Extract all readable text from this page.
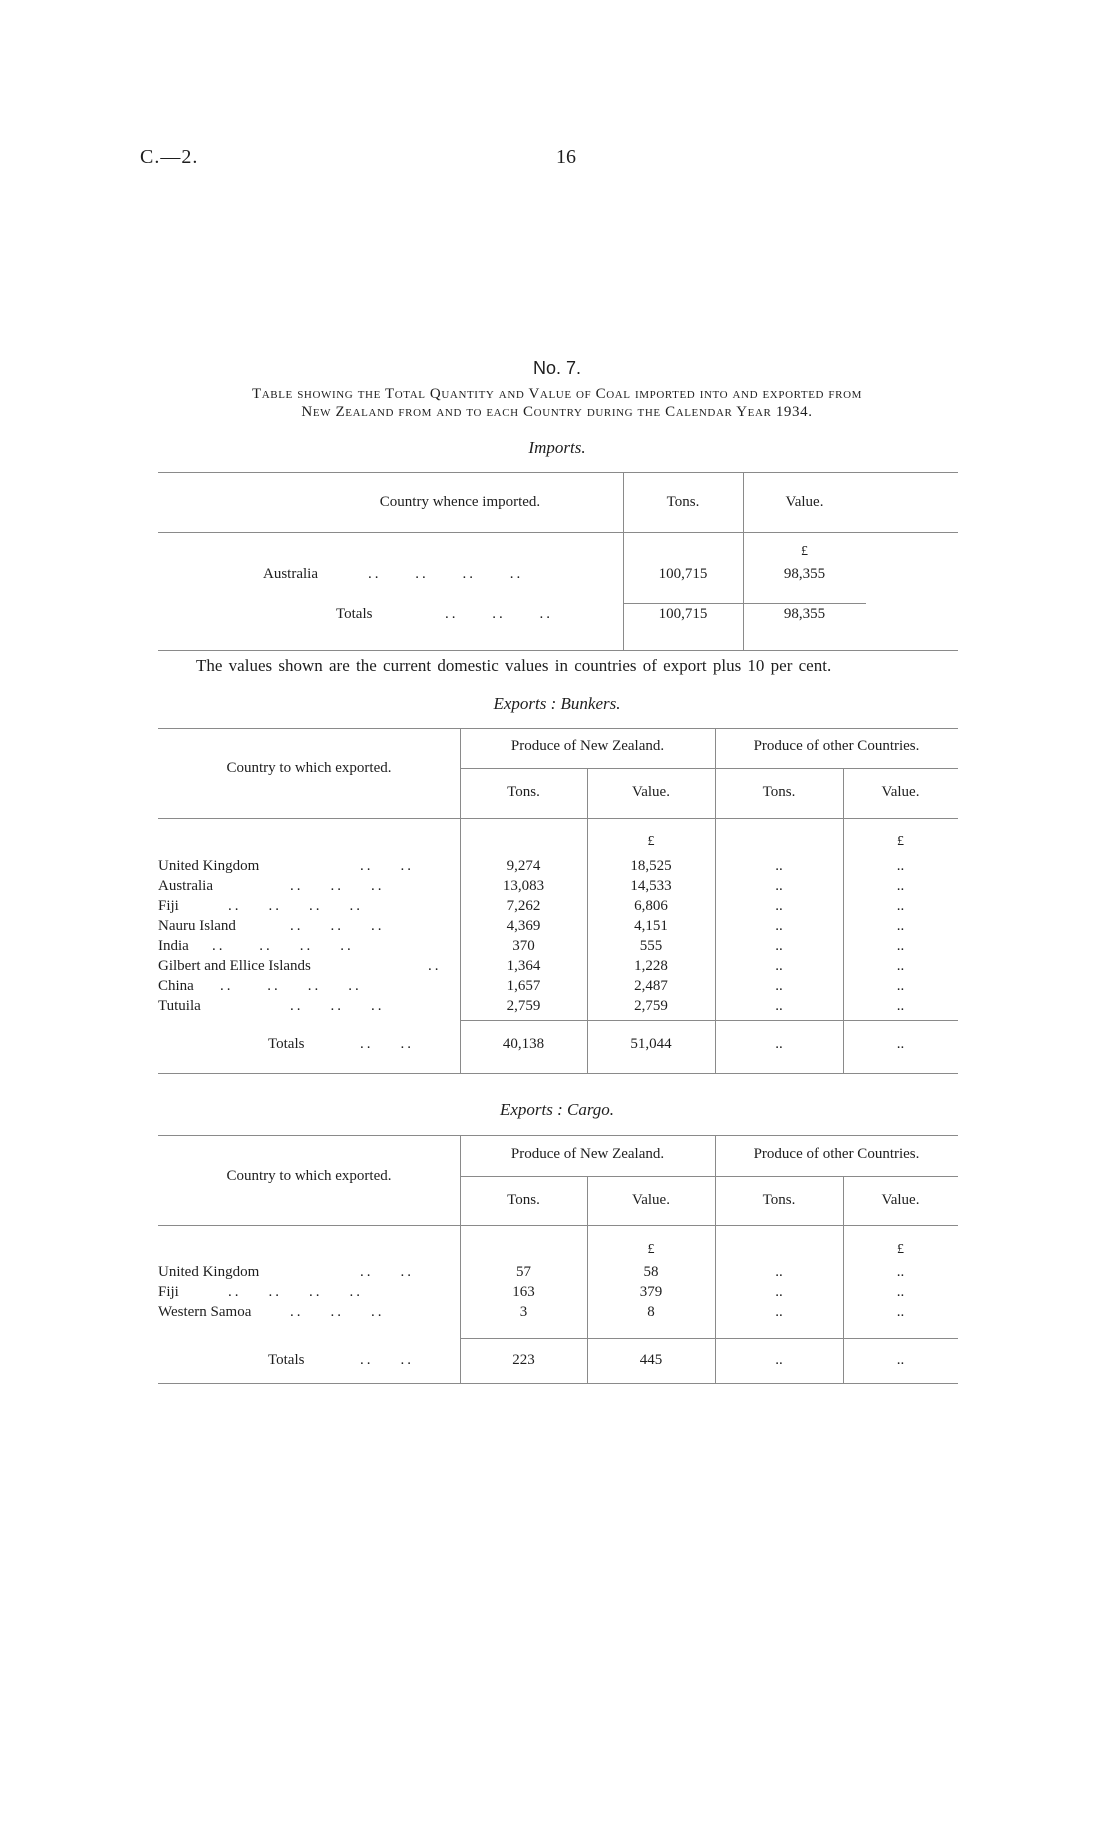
C.—2.	16
No. 7.
Table showing the Total Quantity and Value of Coal imported into and exported from
New Zealand from and to each Country during the Calendar Year 1934.
Imports.
Country whence imported.	Tons.	Value.
£
Australia	..     ..     ..     ..	100,715	98,355
Totals	..     ..     ..	100,715	98,355
The values shown are the current domestic values in countries of export plus 10 per cent.
Exports : Bunkers.
Country to which exported.
Produce of New Zealand.	Produce of other Countries.
Tons.	Value.	Tons.	Value.
£	£
United Kingdom	..    ..	9,274	18,525	..	..
Australia	..    ..    ..	13,083	14,533	..	..
Fiji	..    ..    ..    ..	7,262	6,806	..	..
Nauru Island	..    ..    ..	4,369	4,151	..	..
India ..     ..    ..    ..	370	555	..	..
Gilbert and Ellice Islands	..	1,364	1,228	..	..
China ..     ..    ..    ..	1,657	2,487	..	..
Tutuila	..    ..    ..	2,759	2,759	..	..
Totals	..    ..	40,138	51,044	..	..
Exports : Cargo.
Country to which exported.
Produce of New Zealand.	Produce of other Countries.
Tons.	Value.	Tons.	Value.
£	£
United Kingdom	..    ..	57	58	..	..
Fiji	..    ..    ..    ..	163	379	..	..
Western Samoa	..    ..    ..	3	8	..	..
Totals	..    ..	223	445	..	..
